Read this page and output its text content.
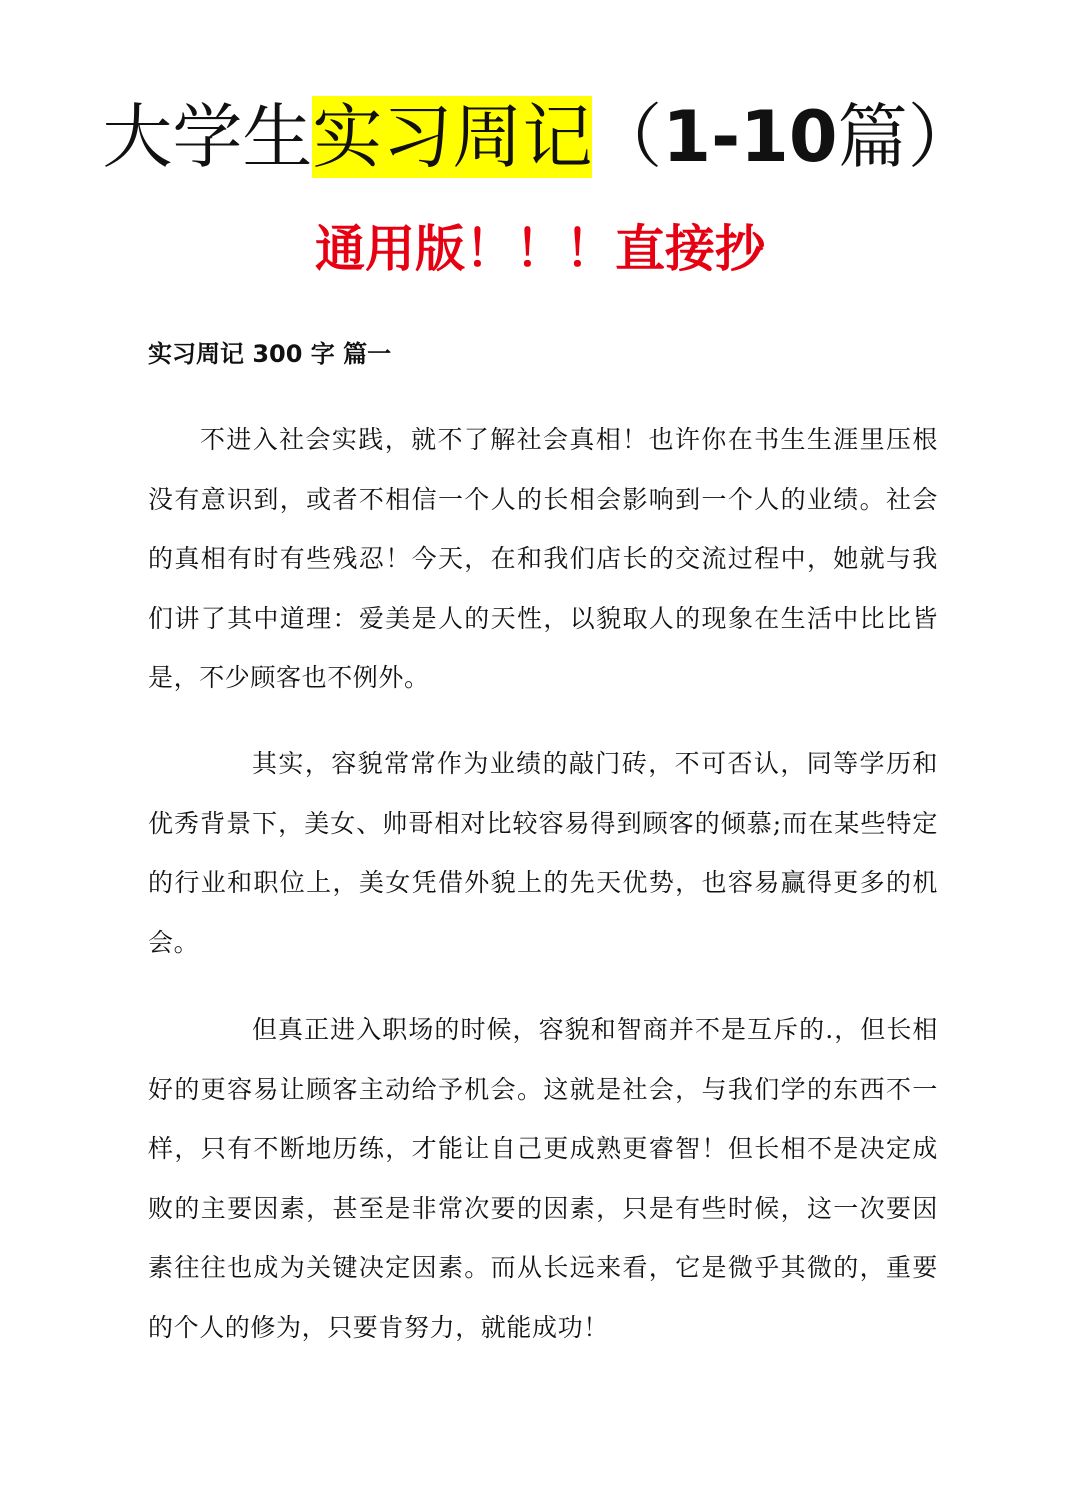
大学生实习周记（1-10篇）
通用版！！！直接抄
实习周记 300 字 篇一

不进入社会实践，就不了解社会真相！也许你在书生生涯里压根没有意识到，或者不相信一个人的长相会影响到一个人的业绩。社会的真相有时有些残忍！今天，在和我们店长的交流过程中，她就与我们讲了其中道理：爱美是人的天性，以貌取人的现象在生活中比比皆是，不少顾客也不例外。

其实，容貌常常作为业绩的敲门砖，不可否认，同等学历和优秀背景下，美女、帅哥相对比较容易得到顾客的倾慕;而在某些特定的行业和职位上，美女凭借外貌上的先天优势，也容易赢得更多的机会。

但真正进入职场的时候，容貌和智商并不是互斥的.，但长相好的更容易让顾客主动给予机会。这就是社会，与我们学的东西不一样，只有不断地历练，才能让自己更成熟更睿智！但长相不是决定成败的主要因素，甚至是非常次要的因素，只是有些时候，这一次要因素往往也成为关键决定因素。而从长远来看，它是微乎其微的，重要的个人的修为，只要肯努力，就能成功！
